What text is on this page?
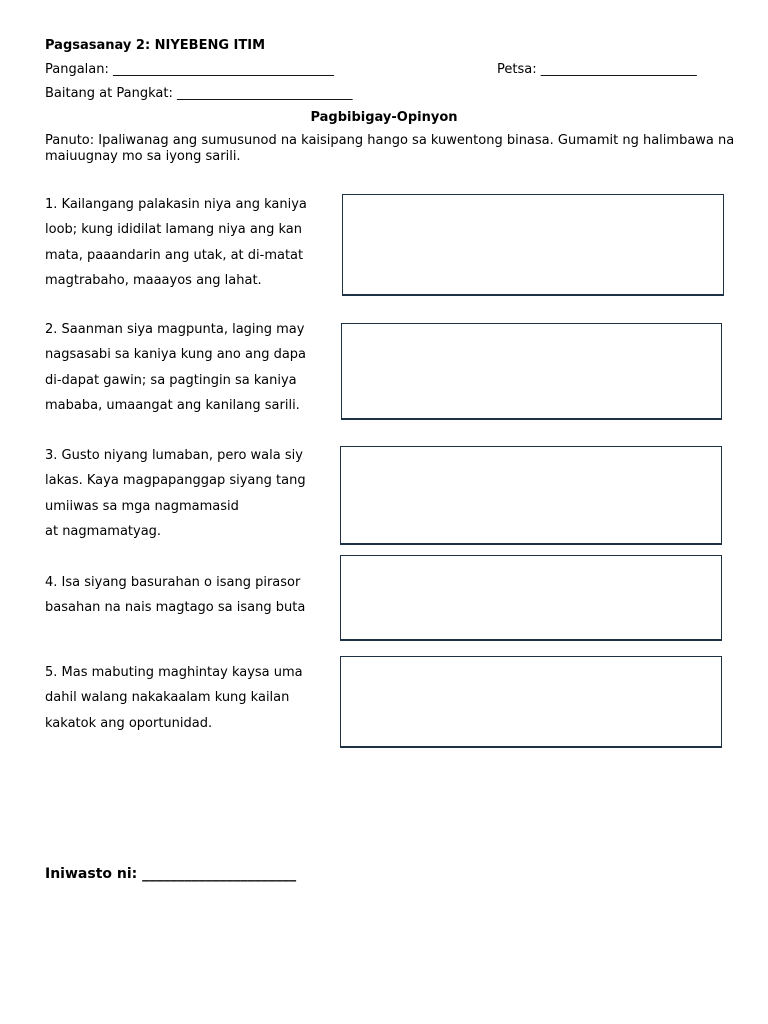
Pagsasanay 2: NIYEBENG ITIM
Pangalan: __________________________________	Petsa: ________________________
Baitang at Pangkat: ___________________________
Pagbibigay-Opinyon
Panuto: Ipaliwanag ang sumusunod na kaisipang hango sa kuwentong binasa. Gumamit ng halimbawa na maiuugnay mo sa iyong sarili.
1. Kailangang palakasin niya ang kaniya
loob; kung ididilat lamang niya ang kan
mata, paaandarin ang utak, at di-matat
magtrabaho, maaayos ang lahat.
2. Saanman siya magpunta, laging may
nagsasabi sa kaniya kung ano ang dapa
di-dapat gawin; sa pagtingin sa kaniya
mababa, umaangat ang kanilang sarili.
3. Gusto niyang lumaban, pero wala siy
lakas. Kaya magpapanggap siyang tang
umiiwas sa mga nagmamasid
at nagmamatyag.
4. Isa siyang basurahan o isang pirasor
basahan na nais magtago sa isang buta
5. Mas mabuting maghintay kaysa uma
dahil walang nakakaalam kung kailan
kakatok ang oportunidad.
Iniwasto ni: ______________________
